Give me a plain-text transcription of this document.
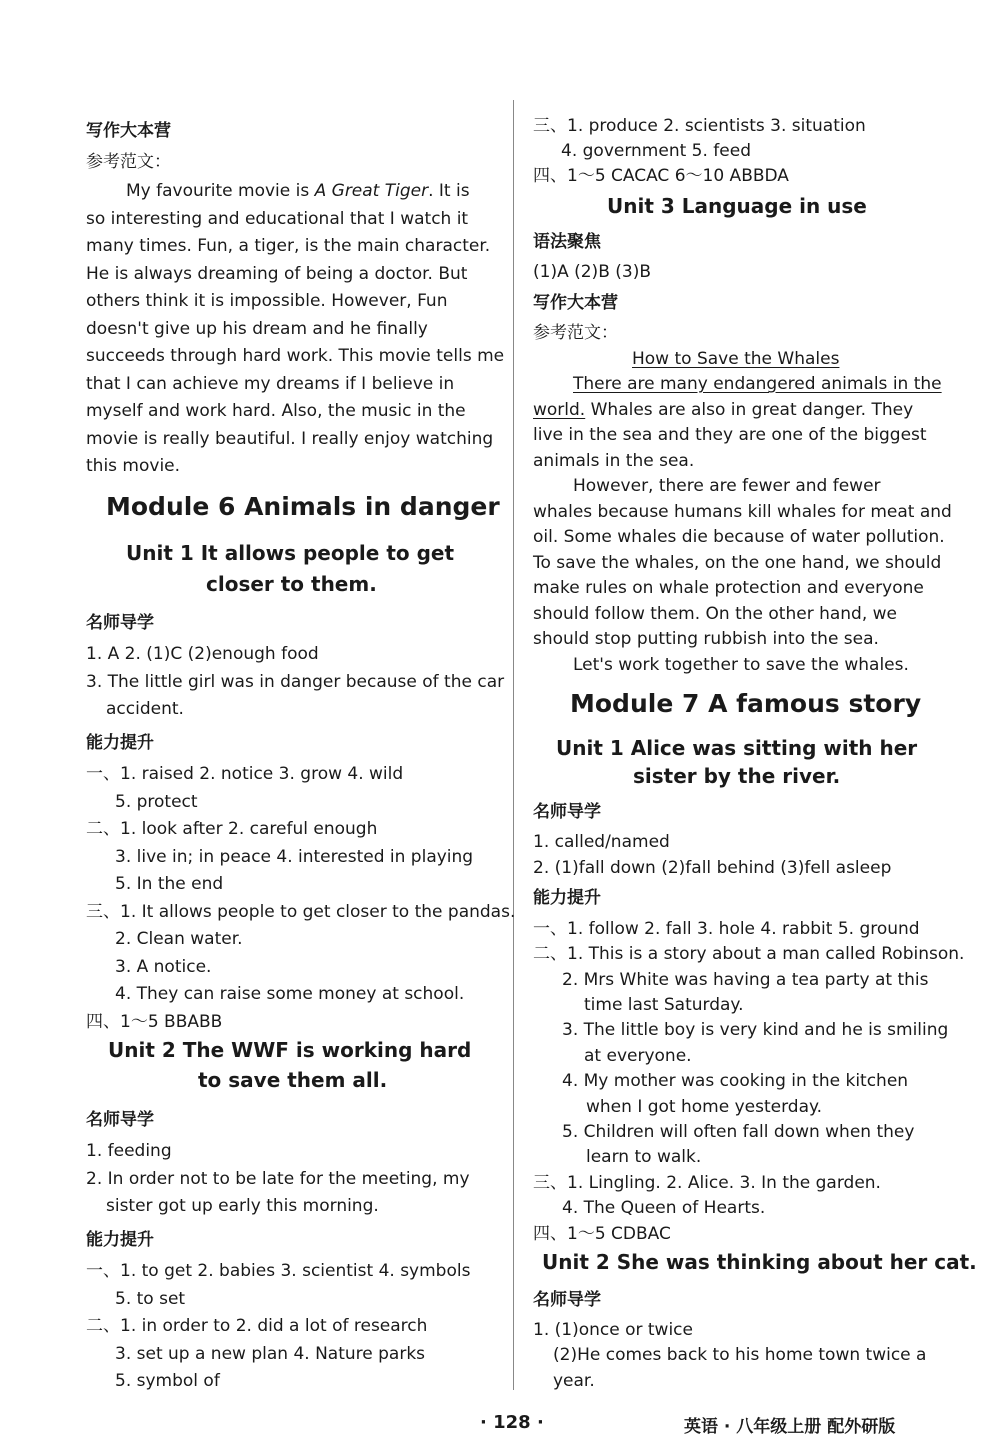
写作大本营
参考范文：
My favourite movie is A Great Tiger. It is
so interesting and educational that I watch it
many times. Fun, a tiger, is the main character.
He is always dreaming of being a doctor. But
others think it is impossible. However, Fun
doesn't give up his dream and he finally
succeeds through hard work. This movie tells me
that I can achieve my dreams if I believe in
myself and work hard. Also, the music in the
movie is really beautiful. I really enjoy watching
this movie.
Module 6 Animals in danger
Unit 1 It allows people to get
closer to them.
名师导学
1. A 2. (1)C (2)enough food
3. The little girl was in danger because of the car
accident.
能力提升
一、1. raised 2. notice 3. grow 4. wild
5. protect
二、1. look after 2. careful enough
3. live in; in peace 4. interested in playing
5. In the end
三、1. It allows people to get closer to the pandas.
2. Clean water.
3. A notice.
4. They can raise some money at school.
四、1～5 BBABB
Unit 2 The WWF is working hard
to save them all.
名师导学
1. feeding
2. In order not to be late for the meeting, my
sister got up early this morning.
能力提升
一、1. to get 2. babies 3. scientist 4. symbols
5. to set
二、1. in order to 2. did a lot of research
3. set up a new plan 4. Nature parks
5. symbol of
三、1. produce 2. scientists 3. situation
4. government 5. feed
四、1～5 CACAC 6～10 ABBDA
Unit 3 Language in use
语法聚焦
(1)A (2)B (3)B
写作大本营
参考范文：
How to Save the Whales
There are many endangered animals in the
world. Whales are also in great danger. They
live in the sea and they are one of the biggest
animals in the sea.
However, there are fewer and fewer
whales because humans kill whales for meat and
oil. Some whales die because of water pollution.
To save the whales, on the one hand, we should
make rules on whale protection and everyone
should follow them. On the other hand, we
should stop putting rubbish into the sea.
Let's work together to save the whales.
Module 7 A famous story
Unit 1 Alice was sitting with her
sister by the river.
名师导学
1. called/named
2. (1)fall down (2)fall behind (3)fell asleep
能力提升
一、1. follow 2. fall 3. hole 4. rabbit 5. ground
二、1. This is a story about a man called Robinson.
2. Mrs White was having a tea party at this
time last Saturday.
3. The little boy is very kind and he is smiling
at everyone.
4. My mother was cooking in the kitchen
when I got home yesterday.
5. Children will often fall down when they
learn to walk.
三、1. Lingling. 2. Alice. 3. In the garden.
4. The Queen of Hearts.
四、1～5 CDBAC
Unit 2 She was thinking about her cat.
名师导学
1. (1)once or twice
(2)He comes back to his home town twice a
year.
· 128 ·	英语 · 八年级上册 配外研版
